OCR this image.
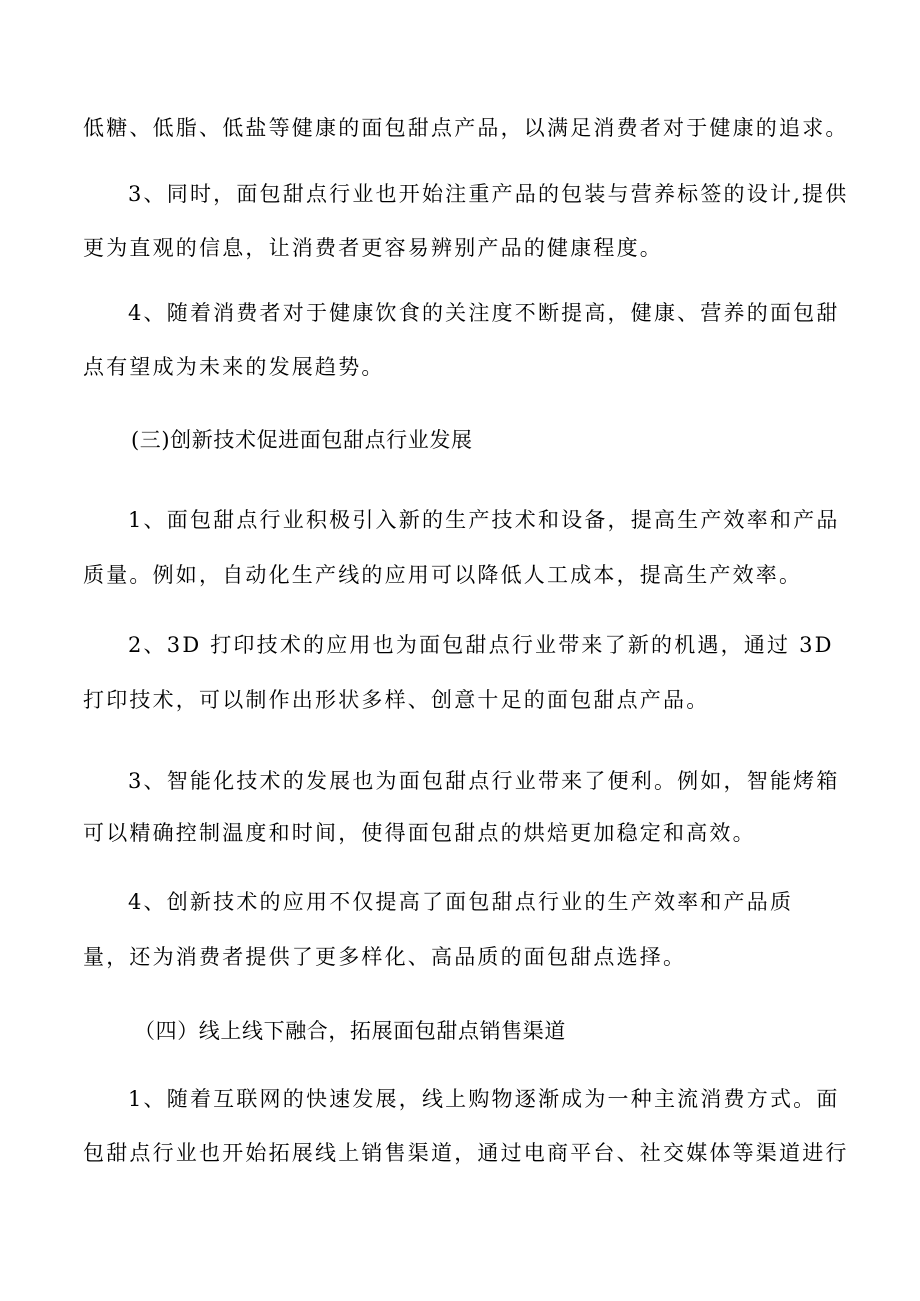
低糖、低脂、低盐等健康的面包甜点产品，以满足消费者对于健康的追求。
3、同时，面包甜点行业也开始注重产品的包装与营养标签的设计,提供
更为直观的信息，让消费者更容易辨别产品的健康程度。
4、随着消费者对于健康饮食的关注度不断提高，健康、营养的面包甜
点有望成为未来的发展趋势。
(三)创新技术促进面包甜点行业发展
1、面包甜点行业积极引入新的生产技术和设备，提高生产效率和产品
质量。例如，自动化生产线的应用可以降低人工成本，提高生产效率。
2、3D 打印技术的应用也为面包甜点行业带来了新的机遇，通过 3D
打印技术，可以制作出形状多样、创意十足的面包甜点产品。
3、智能化技术的发展也为面包甜点行业带来了便利。例如，智能烤箱
可以精确控制温度和时间，使得面包甜点的烘焙更加稳定和高效。
4、创新技术的应用不仅提高了面包甜点行业的生产效率和产品质
量，还为消费者提供了更多样化、高品质的面包甜点选择。
（四）线上线下融合，拓展面包甜点销售渠道
1、随着互联网的快速发展，线上购物逐渐成为一种主流消费方式。面
包甜点行业也开始拓展线上销售渠道，通过电商平台、社交媒体等渠道进行
